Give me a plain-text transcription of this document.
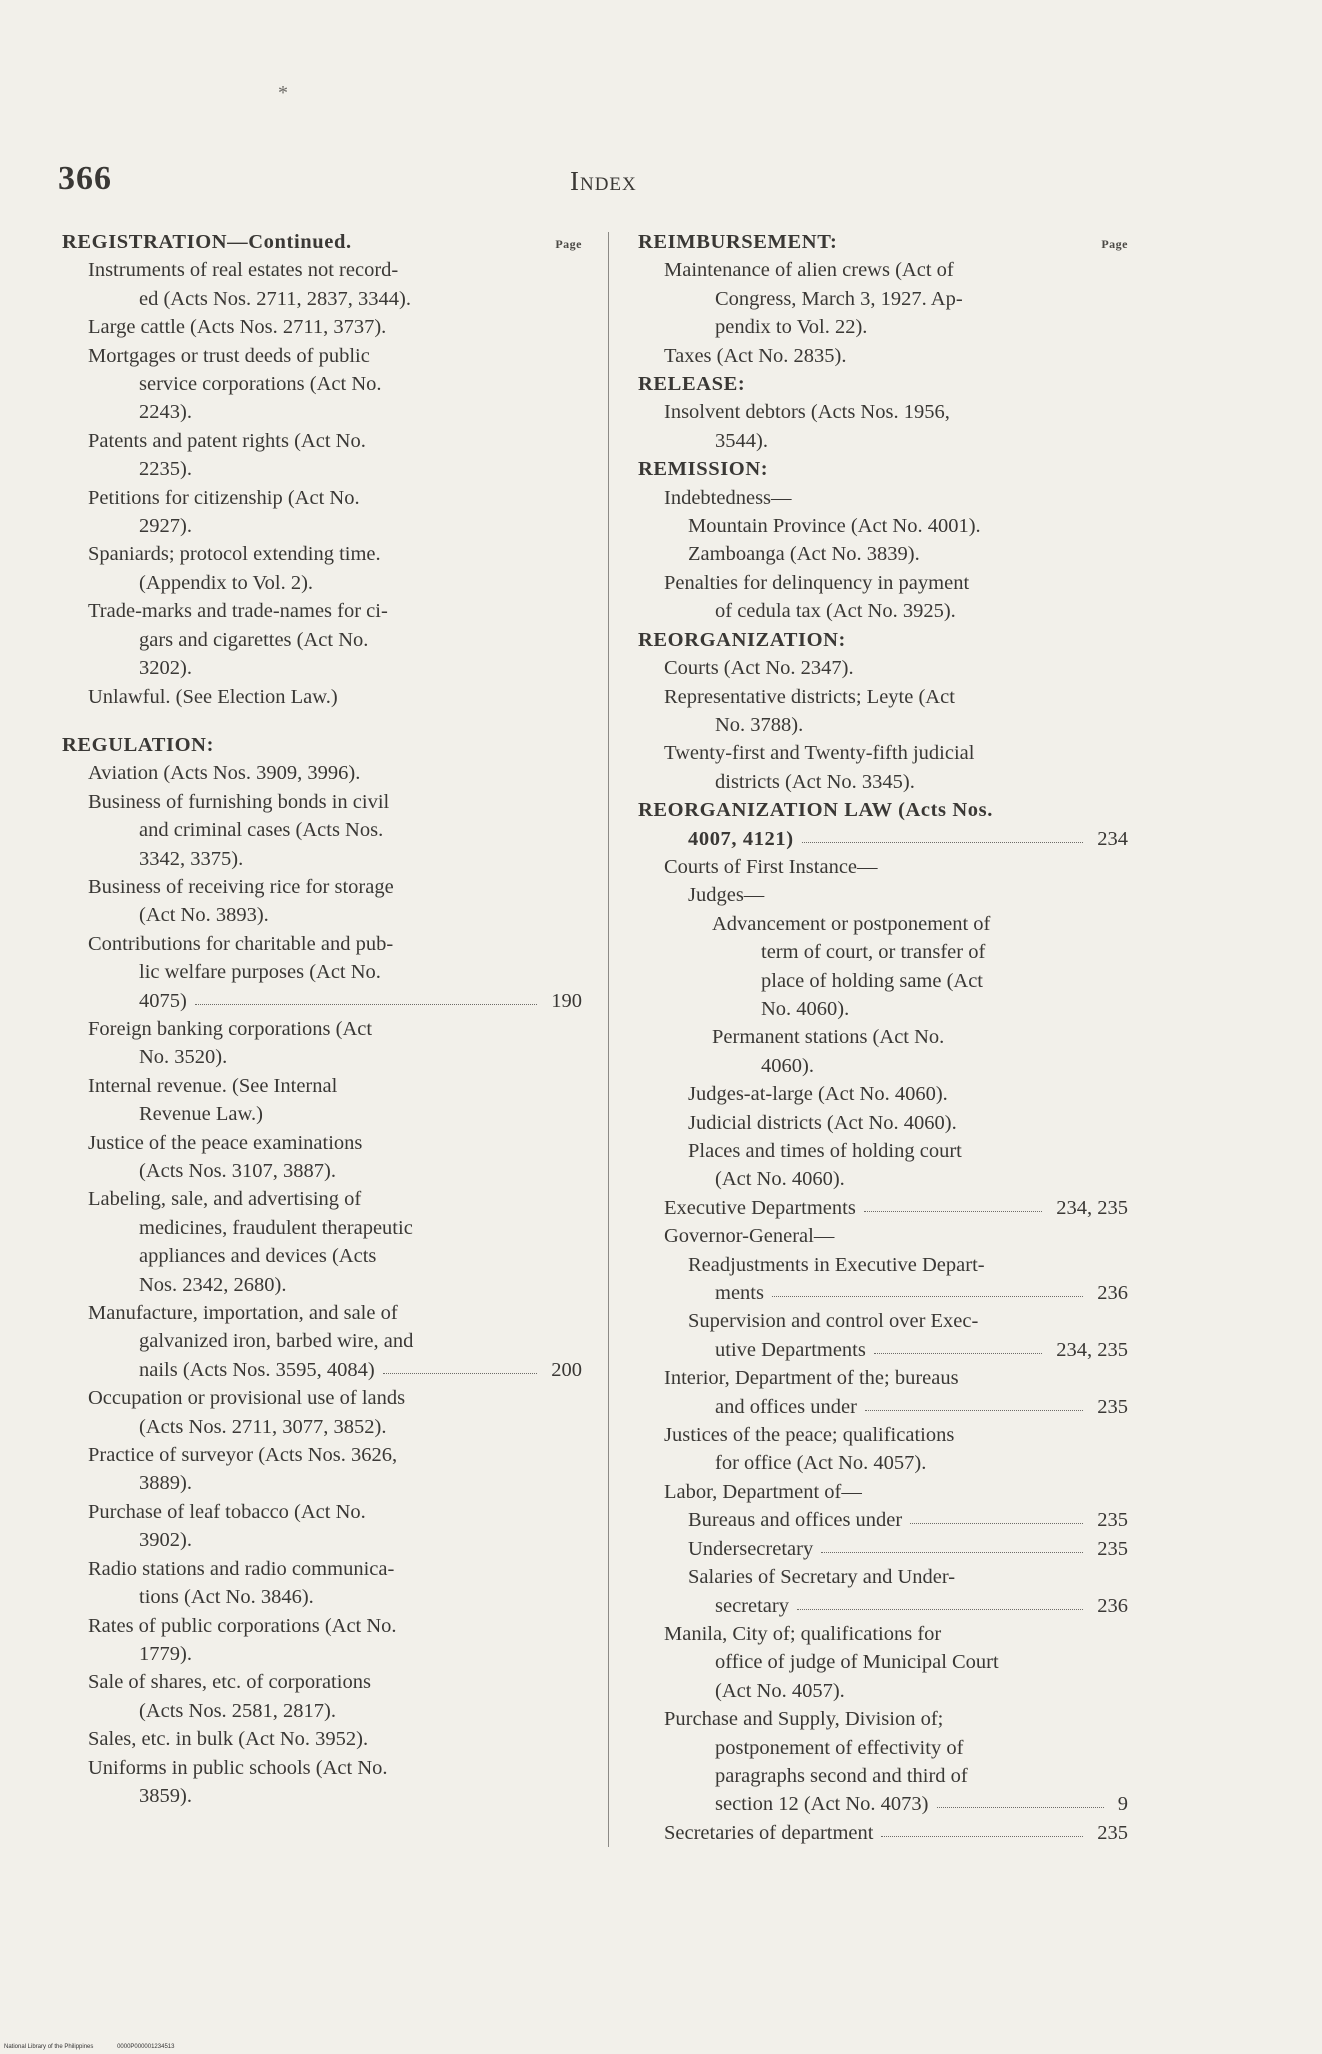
*
366	Index
Page
REGISTRATION—Continued.
Instruments of real estates not record-
ed (Acts Nos. 2711, 2837, 3344).
Large cattle (Acts Nos. 2711, 3737).
Mortgages or trust deeds of public
service corporations (Act No.
2243).
Patents and patent rights (Act No.
2235).
Petitions for citizenship (Act No.
2927).
Spaniards; protocol extending time.
(Appendix to Vol. 2).
Trade-marks and trade-names for ci-
gars and cigarettes (Act No.
3202).
Unlawful. (See Election Law.)
REGULATION:
Aviation (Acts Nos. 3909, 3996).
Business of furnishing bonds in civil
and criminal cases (Acts Nos.
3342, 3375).
Business of receiving rice for storage
(Act No. 3893).
Contributions for charitable and pub-
lic welfare purposes (Act No.
4075)	190
Foreign banking corporations (Act
No. 3520).
Internal revenue. (See Internal
Revenue Law.)
Justice of the peace examinations
(Acts Nos. 3107, 3887).
Labeling, sale, and advertising of
medicines, fraudulent therapeutic
appliances and devices (Acts
Nos. 2342, 2680).
Manufacture, importation, and sale of
galvanized iron, barbed wire, and
nails (Acts Nos. 3595, 4084)	200
Occupation or provisional use of lands
(Acts Nos. 2711, 3077, 3852).
Practice of surveyor (Acts Nos. 3626,
3889).
Purchase of leaf tobacco (Act No.
3902).
Radio stations and radio communica-
tions (Act No. 3846).
Rates of public corporations (Act No.
1779).
Sale of shares, etc. of corporations
(Acts Nos. 2581, 2817).
Sales, etc. in bulk (Act No. 3952).
Uniforms in public schools (Act No.
3859).
Page
REIMBURSEMENT:
Maintenance of alien crews (Act of
Congress, March 3, 1927. Ap-
pendix to Vol. 22).
Taxes (Act No. 2835).
RELEASE:
Insolvent debtors (Acts Nos. 1956,
3544).
REMISSION:
Indebtedness—
Mountain Province (Act No. 4001).
Zamboanga (Act No. 3839).
Penalties for delinquency in payment
of cedula tax (Act No. 3925).
REORGANIZATION:
Courts (Act No. 2347).
Representative districts; Leyte (Act
No. 3788).
Twenty-first and Twenty-fifth judicial
districts (Act No. 3345).
REORGANIZATION LAW (Acts Nos.
4007, 4121)	234
Courts of First Instance—
Judges—
Advancement or postponement of
term of court, or transfer of
place of holding same (Act
No. 4060).
Permanent stations (Act No.
4060).
Judges-at-large (Act No. 4060).
Judicial districts (Act No. 4060).
Places and times of holding court
(Act No. 4060).
Executive Departments	234, 235
Governor-General—
Readjustments in Executive Depart-
ments	236
Supervision and control over Exec-
utive Departments	234, 235
Interior, Department of the; bureaus
and offices under	235
Justices of the peace; qualifications
for office (Act No. 4057).
Labor, Department of—
Bureaus and offices under	235
Undersecretary	235
Salaries of Secretary and Under-
secretary	236
Manila, City of; qualifications for
office of judge of Municipal Court
(Act No. 4057).
Purchase and Supply, Division of;
postponement of effectivity of
paragraphs second and third of
section 12 (Act No. 4073)	9
Secretaries of department	235
National Library of the Philippines	0000P000001234513
